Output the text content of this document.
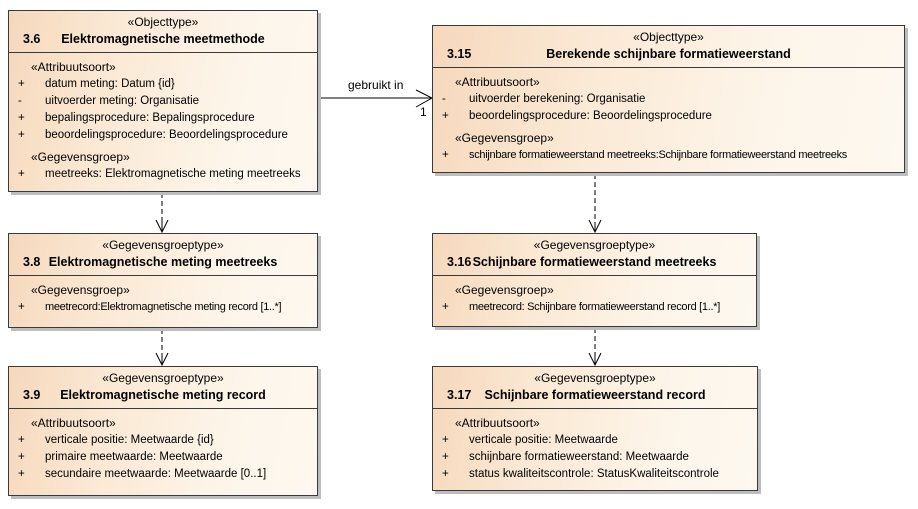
gebruikt in
1
«Objecttype»
3.6 Elektromagnetische meetmethode
«Attribuutsoort»
+ datum meting: Datum {id}
- uitvoerder meting: Organisatie
+ bepalingsprocedure: Bepalingsprocedure
+ beoordelingsprocedure: Beoordelingsprocedure
«Gegevensgroep»
+ meetreeks: Elektromagnetische meting meetreeks
«Objecttype»
3.15	Berekende schijnbare formatieweerstand
«Attribuutsoort»
- uitvoerder berekening: Organisatie
+ beoordelingsprocedure: Beoordelingsprocedure
«Gegevensgroep»
+ schijnbare formatieweerstand meetreeks:Schijnbare formatieweerstand meetreeks
«Gegevensgroeptype»
3.8 Elektromagnetische meting meetreeks
«Gegevensgroep»
+ meetrecord:Elektromagnetische meting record [1..*]
«Gegevensgroeptype»
3.16 Schijnbare formatieweerstand meetreeks
«Gegevensgroep»
+ meetrecord: Schijnbare formatieweerstand record [1..*]
«Gegevensgroeptype»
3.9 Elektromagnetische meting record
«Attribuutsoort»
+ verticale positie: Meetwaarde {id}
+ primaire meetwaarde: Meetwaarde
+ secundaire meetwaarde: Meetwaarde [0..1]
«Gegevensgroeptype»
3.17 Schijnbare formatieweerstand record
«Attribuutsoort»
+ verticale positie: Meetwaarde
+ schijnbare formatieweerstand: Meetwaarde
+ status kwaliteitscontrole: StatusKwaliteitscontrole
